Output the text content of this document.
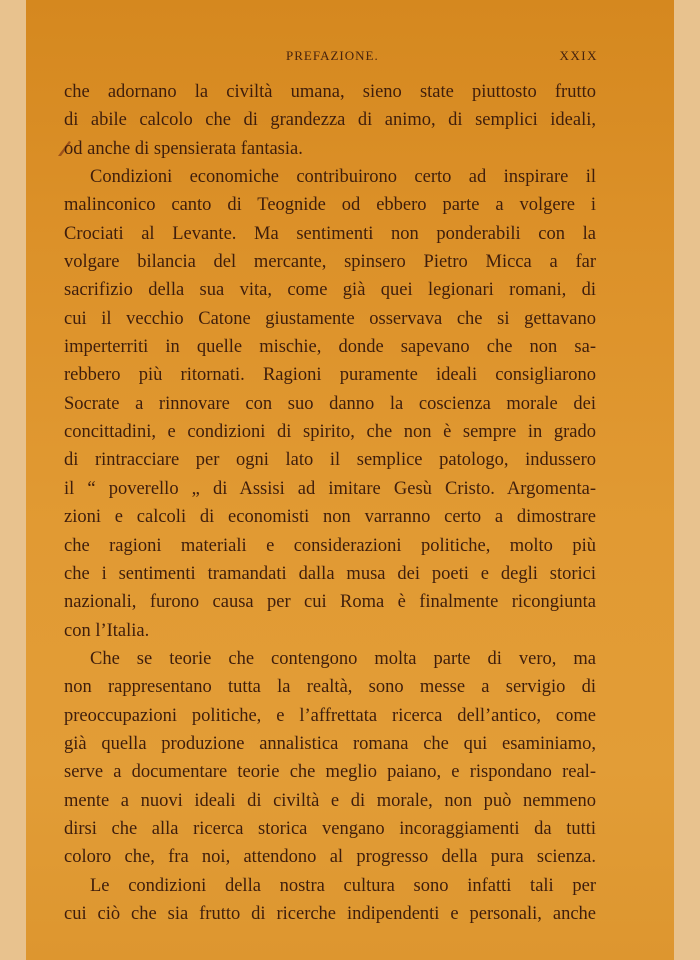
PREFAZIONE.	XXIX
che adornano la civiltà umana, sieno state piuttosto frutto
di abile calcolo che di grandezza di animo, di semplici ideali,
od anche di spensierata fantasia.
Condizioni economiche contribuirono certo ad inspirare il
malinconico canto di Teognide od ebbero parte a volgere i
Crociati al Levante. Ma sentimenti non ponderabili con la
volgare bilancia del mercante, spinsero Pietro Micca a far
sacrifizio della sua vita, come già quei legionari romani, di
cui il vecchio Catone giustamente osservava che si gettavano
imperterriti in quelle mischie, donde sapevano che non sa-
rebbero più ritornati. Ragioni puramente ideali consigliarono
Socrate a rinnovare con suo danno la coscienza morale dei
concittadini, e condizioni di spirito, che non è sempre in grado
di rintracciare per ogni lato il semplice patologo, indussero
il “ poverello „ di Assisi ad imitare Gesù Cristo. Argomenta-
zioni e calcoli di economisti non varranno certo a dimostrare
che ragioni materiali e considerazioni politiche, molto più
che i sentimenti tramandati dalla musa dei poeti e degli storici
nazionali, furono causa per cui Roma è finalmente ricongiunta
con l’Italia.
Che se teorie che contengono molta parte di vero, ma
non rappresentano tutta la realtà, sono messe a servigio di
preoccupazioni politiche, e l’affrettata ricerca dell’antico, come
già quella produzione annalistica romana che qui esaminiamo,
serve a documentare teorie che meglio paiano, e rispondano real-
mente a nuovi ideali di civiltà e di morale, non può nemmeno
dirsi che alla ricerca storica vengano incoraggiamenti da tutti
coloro che, fra noi, attendono al progresso della pura scienza.
Le condizioni della nostra cultura sono infatti tali per
cui ciò che sia frutto di ricerche indipendenti e personali, anche
